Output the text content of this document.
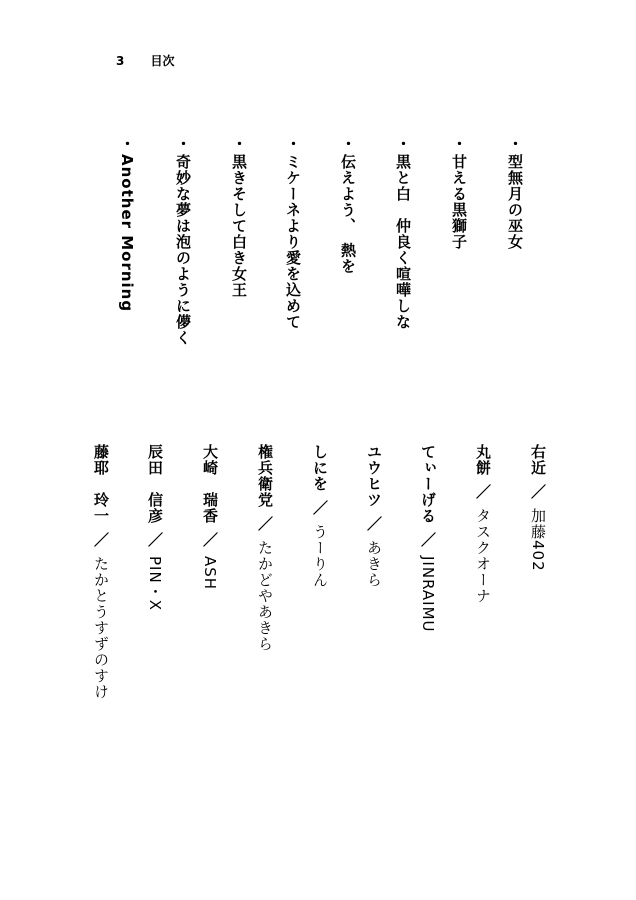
3 目次
・型無月の巫女
・甘える黒獅子
・黒と白　仲良く喧嘩しな
・伝えよう、　熱を
・ミケーネより愛を込めて
・黒きそして白き女王
・奇妙な夢は泡のように儚く
・Another Morning
右近／加藤402
丸餅／タスクオーナ
てぃーげる／JINRAIMU
ユウヒツ／あきら
しにを／うーりん
権兵衛党／たかどやあきら
大崎　瑞香／ASH
辰田　信彦／PIN・X
藤耶　玲一／たかとうすずのすけ
